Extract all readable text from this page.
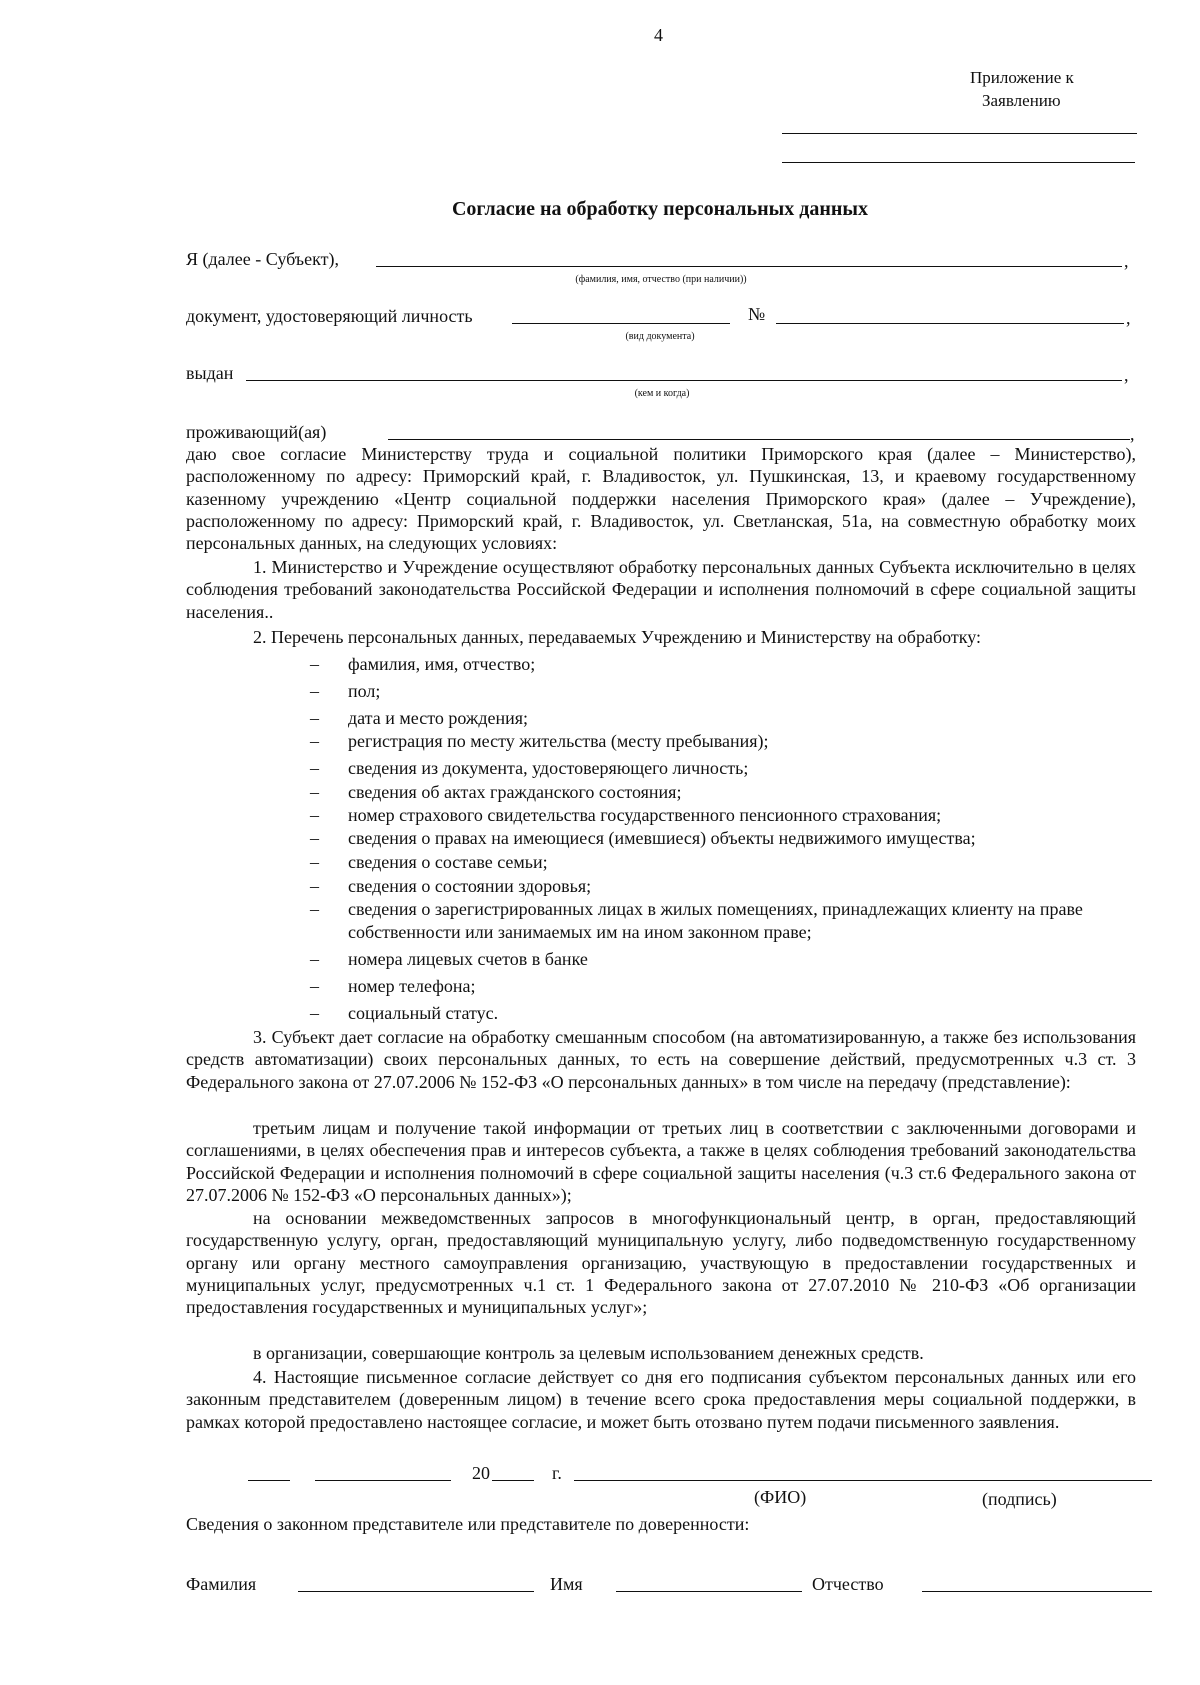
4
Приложение к
Заявлению
Согласие на обработку персональных данных
Я (далее - Субъект),	,
(фамилия, имя, отчество (при наличии))
документ, удостоверяющий личность	№	,
(вид документа)
выдан	,
(кем и когда)
проживающий(ая)	,
даю свое согласие Министерству труда и социальной политики Приморского края (далее – Министерство), расположенному по адресу: Приморский край, г. Владивосток, ул. Пушкинская, 13, и краевому государственному казенному учреждению «Центр социальной поддержки населения Приморского края» (далее – Учреждение), расположенному по адресу: Приморский край, г. Владивосток, ул. Светланская, 51а, на совместную обработку моих персональных данных, на следующих условиях:
1. Министерство и Учреждение осуществляют обработку персональных данных Субъекта исключительно в целях соблюдения требований законодательства Российской Федерации и исполнения полномочий в сфере социальной защиты населения..
2. Перечень персональных данных, передаваемых Учреждению и Министерству на обработку:
– фамилия, имя, отчество;
– пол;
– дата и место рождения;
– регистрация по месту жительства (месту пребывания);
– сведения из документа, удостоверяющего личность;
– сведения об актах гражданского состояния;
– номер страхового свидетельства государственного пенсионного страхования;
– сведения о правах на имеющиеся (имевшиеся) объекты недвижимого имущества;
– сведения о составе семьи;
– сведения о состоянии здоровья;
– сведения о зарегистрированных лицах в жилых помещениях, принадлежащих клиенту на праве собственности или занимаемых им на ином законном праве;
– номера лицевых счетов в банке
– номер телефона;
– социальный статус.
3. Субъект дает согласие на обработку смешанным способом (на автоматизированную, а также без использования средств автоматизации) своих персональных данных, то есть на совершение действий, предусмотренных ч.3 ст. 3 Федерального закона от 27.07.2006 № 152-ФЗ «О персональных данных» в том числе на передачу (представление):
третьим лицам и получение такой информации от третьих лиц в соответствии с заключенными договорами и соглашениями, в целях обеспечения прав и интересов субъекта, а также в целях соблюдения требований законодательства Российской Федерации и исполнения полномочий в сфере социальной защиты населения (ч.3 ст.6 Федерального закона от 27.07.2006 № 152-ФЗ «О персональных данных»);
на основании межведомственных запросов в многофункциональный центр, в орган, предоставляющий государственную услугу, орган, предоставляющий муниципальную услугу, либо подведомственную государственному органу или органу местного самоуправления организацию, участвующую в предоставлении государственных и муниципальных услуг, предусмотренных ч.1 ст. 1 Федерального закона от 27.07.2010 № 210-ФЗ «Об организации предоставления государственных и муниципальных услуг»;
в организации, совершающие контроль за целевым использованием денежных средств.
4. Настоящие письменное согласие действует со дня его подписания субъектом персональных данных или его законным представителем (доверенным лицом) в течение всего срока предоставления меры социальной поддержки, в рамках которой предоставлено настоящее согласие, и может быть отозвано путем подачи письменного заявления.
20	г.
(ФИО)	(подпись)
Сведения о законном представителе или представителе по доверенности:
Фамилия	Имя	Отчество
